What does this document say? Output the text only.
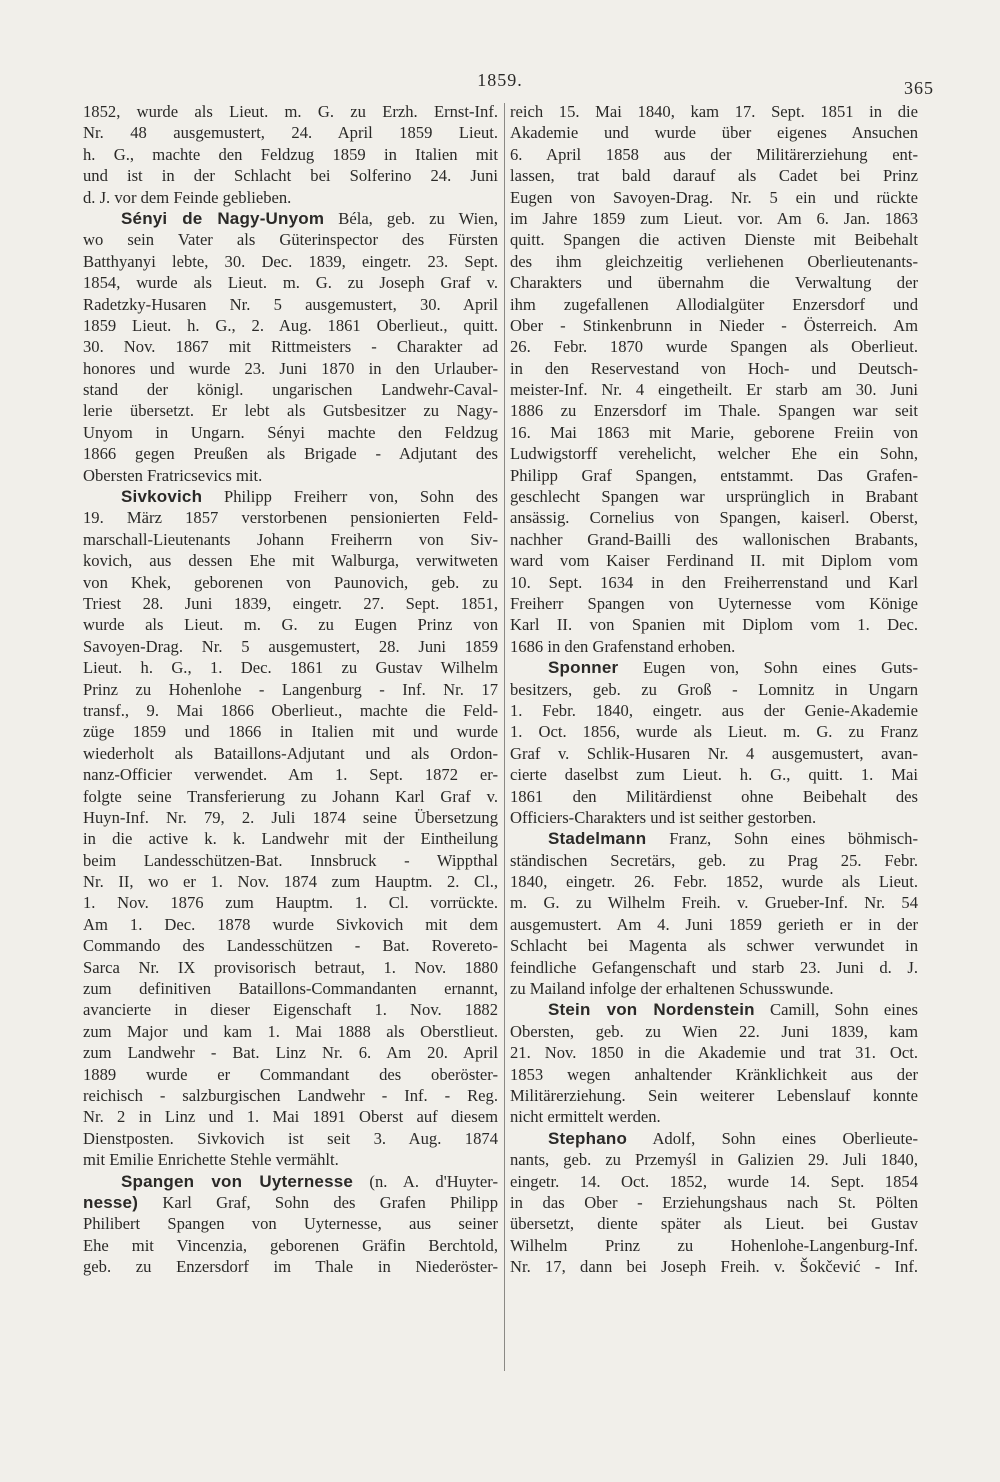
1859.	365
1852, wurde als Lieut. m. G. zu Erzh. Ernst-Inf.
Nr. 48 ausgemustert, 24. April 1859 Lieut.
h. G., machte den Feldzug 1859 in Italien mit
und ist in der Schlacht bei Solferino 24. Juni
d. J. vor dem Feinde geblieben.
Sényi de Nagy-Unyom Béla, geb. zu Wien,
wo sein Vater als Güterinspector des Fürsten
Batthyanyi lebte, 30. Dec. 1839, eingetr. 23. Sept.
1854, wurde als Lieut. m. G. zu Joseph Graf v.
Radetzky-Husaren Nr. 5 ausgemustert, 30. April
1859 Lieut. h. G., 2. Aug. 1861 Oberlieut., quitt.
30. Nov. 1867 mit Rittmeisters - Charakter ad
honores und wurde 23. Juni 1870 in den Urlauber-
stand der königl. ungarischen Landwehr-Caval-
lerie übersetzt. Er lebt als Gutsbesitzer zu Nagy-
Unyom in Ungarn. Sényi machte den Feldzug
1866 gegen Preußen als Brigade - Adjutant des
Obersten Fratricsevics mit.
Sivkovich Philipp Freiherr von, Sohn des
19. März 1857 verstorbenen pensionierten Feld-
marschall-Lieutenants Johann Freiherrn von Siv-
kovich, aus dessen Ehe mit Walburga, verwitweten
von Khek, geborenen von Paunovich, geb. zu
Triest 28. Juni 1839, eingetr. 27. Sept. 1851,
wurde als Lieut. m. G. zu Eugen Prinz von
Savoyen-Drag. Nr. 5 ausgemustert, 28. Juni 1859
Lieut. h. G., 1. Dec. 1861 zu Gustav Wilhelm
Prinz zu Hohenlohe - Langenburg - Inf. Nr. 17
transf., 9. Mai 1866 Oberlieut., machte die Feld-
züge 1859 und 1866 in Italien mit und wurde
wiederholt als Bataillons-Adjutant und als Ordon-
nanz-Officier verwendet. Am 1. Sept. 1872 er-
folgte seine Transferierung zu Johann Karl Graf v.
Huyn-Inf. Nr. 79, 2. Juli 1874 seine Übersetzung
in die active k. k. Landwehr mit der Eintheilung
beim Landesschützen-Bat. Innsbruck - Wippthal
Nr. II, wo er 1. Nov. 1874 zum Hauptm. 2. Cl.,
1. Nov. 1876 zum Hauptm. 1. Cl. vorrückte.
Am 1. Dec. 1878 wurde Sivkovich mit dem
Commando des Landesschützen - Bat. Rovereto-
Sarca Nr. IX provisorisch betraut, 1. Nov. 1880
zum definitiven Bataillons-Commandanten ernannt,
avancierte in dieser Eigenschaft 1. Nov. 1882
zum Major und kam 1. Mai 1888 als Oberstlieut.
zum Landwehr - Bat. Linz Nr. 6. Am 20. April
1889 wurde er Commandant des oberöster-
reichisch - salzburgischen Landwehr - Inf. - Reg.
Nr. 2 in Linz und 1. Mai 1891 Oberst auf diesem
Dienstposten. Sivkovich ist seit 3. Aug. 1874
mit Emilie Enrichette Stehle vermählt.
Spangen von Uyternesse (n. A. d'Huyter-
nesse) Karl Graf, Sohn des Grafen Philipp
Philibert Spangen von Uyternesse, aus seiner
Ehe mit Vincenzia, geborenen Gräfin Berchtold,
geb. zu Enzersdorf im Thale in Niederöster-
reich 15. Mai 1840, kam 17. Sept. 1851 in die
Akademie und wurde über eigenes Ansuchen
6. April 1858 aus der Militärerziehung ent-
lassen, trat bald darauf als Cadet bei Prinz
Eugen von Savoyen-Drag. Nr. 5 ein und rückte
im Jahre 1859 zum Lieut. vor. Am 6. Jan. 1863
quitt. Spangen die activen Dienste mit Beibehalt
des ihm gleichzeitig verliehenen Oberlieutenants-
Charakters und übernahm die Verwaltung der
ihm zugefallenen Allodialgüter Enzersdorf und
Ober - Stinkenbrunn in Nieder - Österreich. Am
26. Febr. 1870 wurde Spangen als Oberlieut.
in den Reservestand von Hoch- und Deutsch-
meister-Inf. Nr. 4 eingetheilt. Er starb am 30. Juni
1886 zu Enzersdorf im Thale. Spangen war seit
16. Mai 1863 mit Marie, geborene Freiin von
Ludwigstorff verehelicht, welcher Ehe ein Sohn,
Philipp Graf Spangen, entstammt. Das Grafen-
geschlecht Spangen war ursprünglich in Brabant
ansässig. Cornelius von Spangen, kaiserl. Oberst,
nachher Grand-Bailli des wallonischen Brabants,
ward vom Kaiser Ferdinand II. mit Diplom vom
10. Sept. 1634 in den Freiherrenstand und Karl
Freiherr Spangen von Uyternesse vom Könige
Karl II. von Spanien mit Diplom vom 1. Dec.
1686 in den Grafenstand erhoben.
Sponner Eugen von, Sohn eines Guts-
besitzers, geb. zu Groß - Lomnitz in Ungarn
1. Febr. 1840, eingetr. aus der Genie-Akademie
1. Oct. 1856, wurde als Lieut. m. G. zu Franz
Graf v. Schlik-Husaren Nr. 4 ausgemustert, avan-
cierte daselbst zum Lieut. h. G., quitt. 1. Mai
1861 den Militärdienst ohne Beibehalt des
Officiers-Charakters und ist seither gestorben.
Stadelmann Franz, Sohn eines böhmisch-
ständischen Secretärs, geb. zu Prag 25. Febr.
1840, eingetr. 26. Febr. 1852, wurde als Lieut.
m. G. zu Wilhelm Freih. v. Grueber-Inf. Nr. 54
ausgemustert. Am 4. Juni 1859 gerieth er in der
Schlacht bei Magenta als schwer verwundet in
feindliche Gefangenschaft und starb 23. Juni d. J.
zu Mailand infolge der erhaltenen Schusswunde.
Stein von Nordenstein Camill, Sohn eines
Obersten, geb. zu Wien 22. Juni 1839, kam
21. Nov. 1850 in die Akademie und trat 31. Oct.
1853 wegen anhaltender Kränklichkeit aus der
Militärerziehung. Sein weiterer Lebenslauf konnte
nicht ermittelt werden.
Stephano Adolf, Sohn eines Oberlieute-
nants, geb. zu Przemyśl in Galizien 29. Juli 1840,
eingetr. 14. Oct. 1852, wurde 14. Sept. 1854
in das Ober - Erziehungshaus nach St. Pölten
übersetzt, diente später als Lieut. bei Gustav
Wilhelm Prinz zu Hohenlohe-Langenburg-Inf.
Nr. 17, dann bei Joseph Freih. v. Šokčević - Inf.
